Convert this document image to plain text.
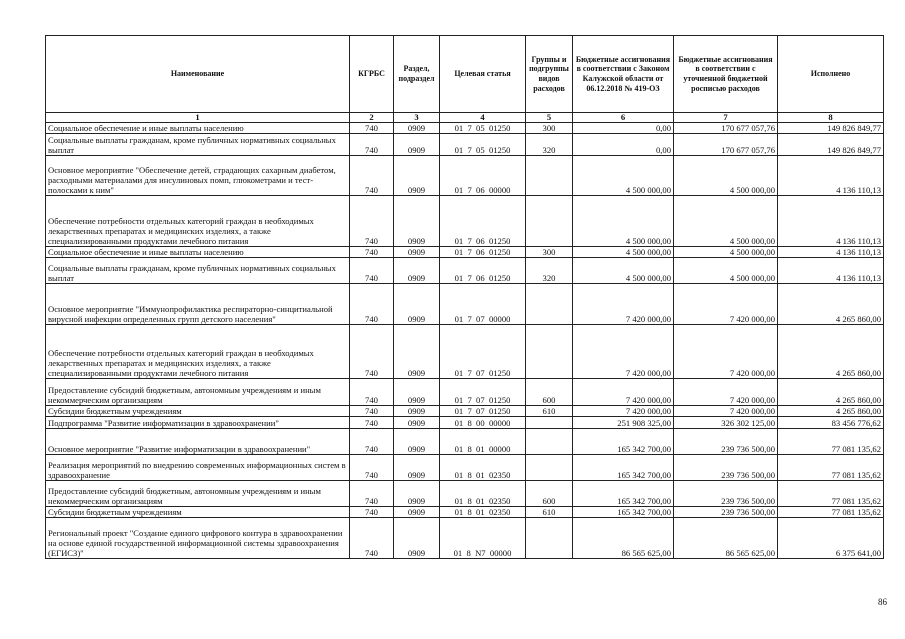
Наименование	КГРБС	Раздел, подраздел	Целевая статья	Группы и подгруппы видов расходов	Бюджетные ассигнования в соответствии с Законом Калужской области от 06.12.2018 № 419-ОЗ	Бюджетные ассигнования в соответствии с уточненной бюджетной росписью расходов	Исполнено
1	2	3	4	5	6	7	8
Социальное обеспечение и иные выплаты населению	740	0909	01  7  05  01250	300	0,00	170 677 057,76	149 826 849,77
Социальные выплаты гражданам, кроме публичных нормативных социальных выплат	740	0909	01  7  05  01250	320	0,00	170 677 057,76	149 826 849,77
Основное мероприятие "Обеспечение детей, страдающих сахарным диабетом, расходными материалами для инсулиновых помп, глюкометрами и тест-полосками к ним"	740	0909	01  7  06  00000		4 500 000,00	4 500 000,00	4 136 110,13
Обеспечение потребности отдельных категорий граждан в необходимых лекарственных препаратах и медицинских изделиях, а также специализированными продуктами лечебного питания	740	0909	01  7  06  01250		4 500 000,00	4 500 000,00	4 136 110,13
Социальное обеспечение и иные выплаты населению	740	0909	01  7  06  01250	300	4 500 000,00	4 500 000,00	4 136 110,13
Социальные выплаты гражданам, кроме публичных нормативных социальных выплат	740	0909	01  7  06  01250	320	4 500 000,00	4 500 000,00	4 136 110,13
Основное мероприятие "Иммунопрофилактика респираторно-синцитиальной вирусной инфекции определенных групп детского населения"	740	0909	01  7  07  00000		7 420 000,00	7 420 000,00	4 265 860,00
Обеспечение потребности отдельных категорий граждан в необходимых лекарственных препаратах и медицинских изделиях, а также специализированными продуктами лечебного питания	740	0909	01  7  07  01250		7 420 000,00	7 420 000,00	4 265 860,00
Предоставление субсидий бюджетным, автономным учреждениям и иным некоммерческим организациям	740	0909	01  7  07  01250	600	7 420 000,00	7 420 000,00	4 265 860,00
Субсидии бюджетным учреждениям	740	0909	01  7  07  01250	610	7 420 000,00	7 420 000,00	4 265 860,00
Подпрограмма "Развитие информатизации в здравоохранении"	740	0909	01  8  00  00000		251 908 325,00	326 302 125,00	83 456 776,62
Основное мероприятие "Развитие информатизации в здравоохранении"	740	0909	01  8  01  00000		165 342 700,00	239 736 500,00	77 081 135,62
Реализация мероприятий по внедрению современных информационных систем в здравоохранение	740	0909	01  8  01  02350		165 342 700,00	239 736 500,00	77 081 135,62
Предоставление субсидий бюджетным, автономным учреждениям и иным некоммерческим организациям	740	0909	01  8  01  02350	600	165 342 700,00	239 736 500,00	77 081 135,62
Субсидии бюджетным учреждениям	740	0909	01  8  01  02350	610	165 342 700,00	239 736 500,00	77 081 135,62
Региональный проект "Создание единого цифрового контура в здравоохранении на основе единой государственной информационной системы здравоохранения (ЕГИСЗ)"	740	0909	01  8  N7  00000		86 565 625,00	86 565 625,00	6 375 641,00
86
